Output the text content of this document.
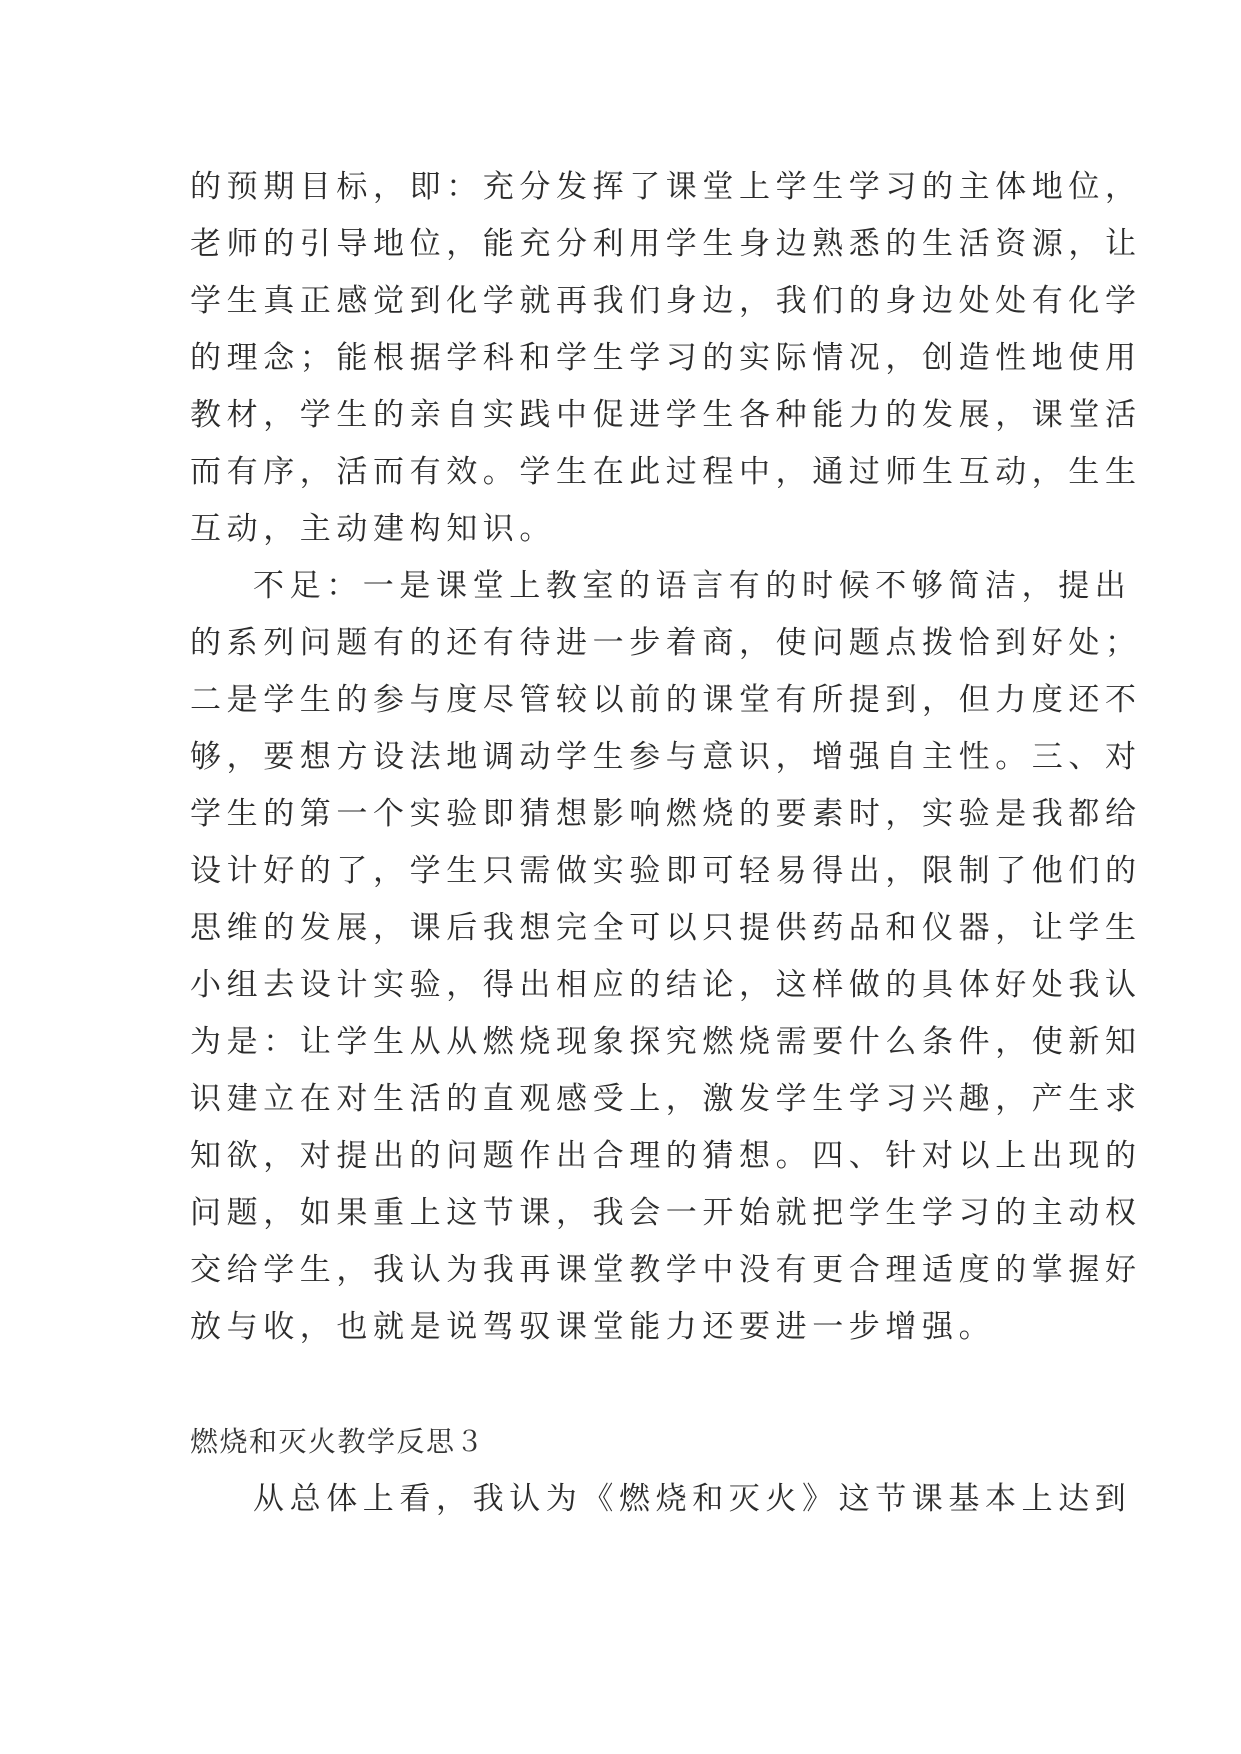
的预期目标，即：充分发挥了课堂上学生学习的主体地位，
老师的引导地位，能充分利用学生身边熟悉的生活资源，让
学生真正感觉到化学就再我们身边，我们的身边处处有化学
的理念；能根据学科和学生学习的实际情况，创造性地使用
教材，学生的亲自实践中促进学生各种能力的发展，课堂活
而有序，活而有效。学生在此过程中，通过师生互动，生生
互动，主动建构知识。
不足：一是课堂上教室的语言有的时候不够简洁，提出
的系列问题有的还有待进一步着商，使问题点拨恰到好处；
二是学生的参与度尽管较以前的课堂有所提到，但力度还不
够，要想方设法地调动学生参与意识，增强自主性。三、对
学生的第一个实验即猜想影响燃烧的要素时，实验是我都给
设计好的了，学生只需做实验即可轻易得出，限制了他们的
思维的发展，课后我想完全可以只提供药品和仪器，让学生
小组去设计实验，得出相应的结论，这样做的具体好处我认
为是：让学生从从燃烧现象探究燃烧需要什么条件，使新知
识建立在对生活的直观感受上，激发学生学习兴趣，产生求
知欲，对提出的问题作出合理的猜想。四、针对以上出现的
问题，如果重上这节课，我会一开始就把学生学习的主动权
交给学生，我认为我再课堂教学中没有更合理适度的掌握好
放与收，也就是说驾驭课堂能力还要进一步增强。
燃烧和灭火教学反思３
从总体上看，我认为《燃烧和灭火》这节课基本上达到
